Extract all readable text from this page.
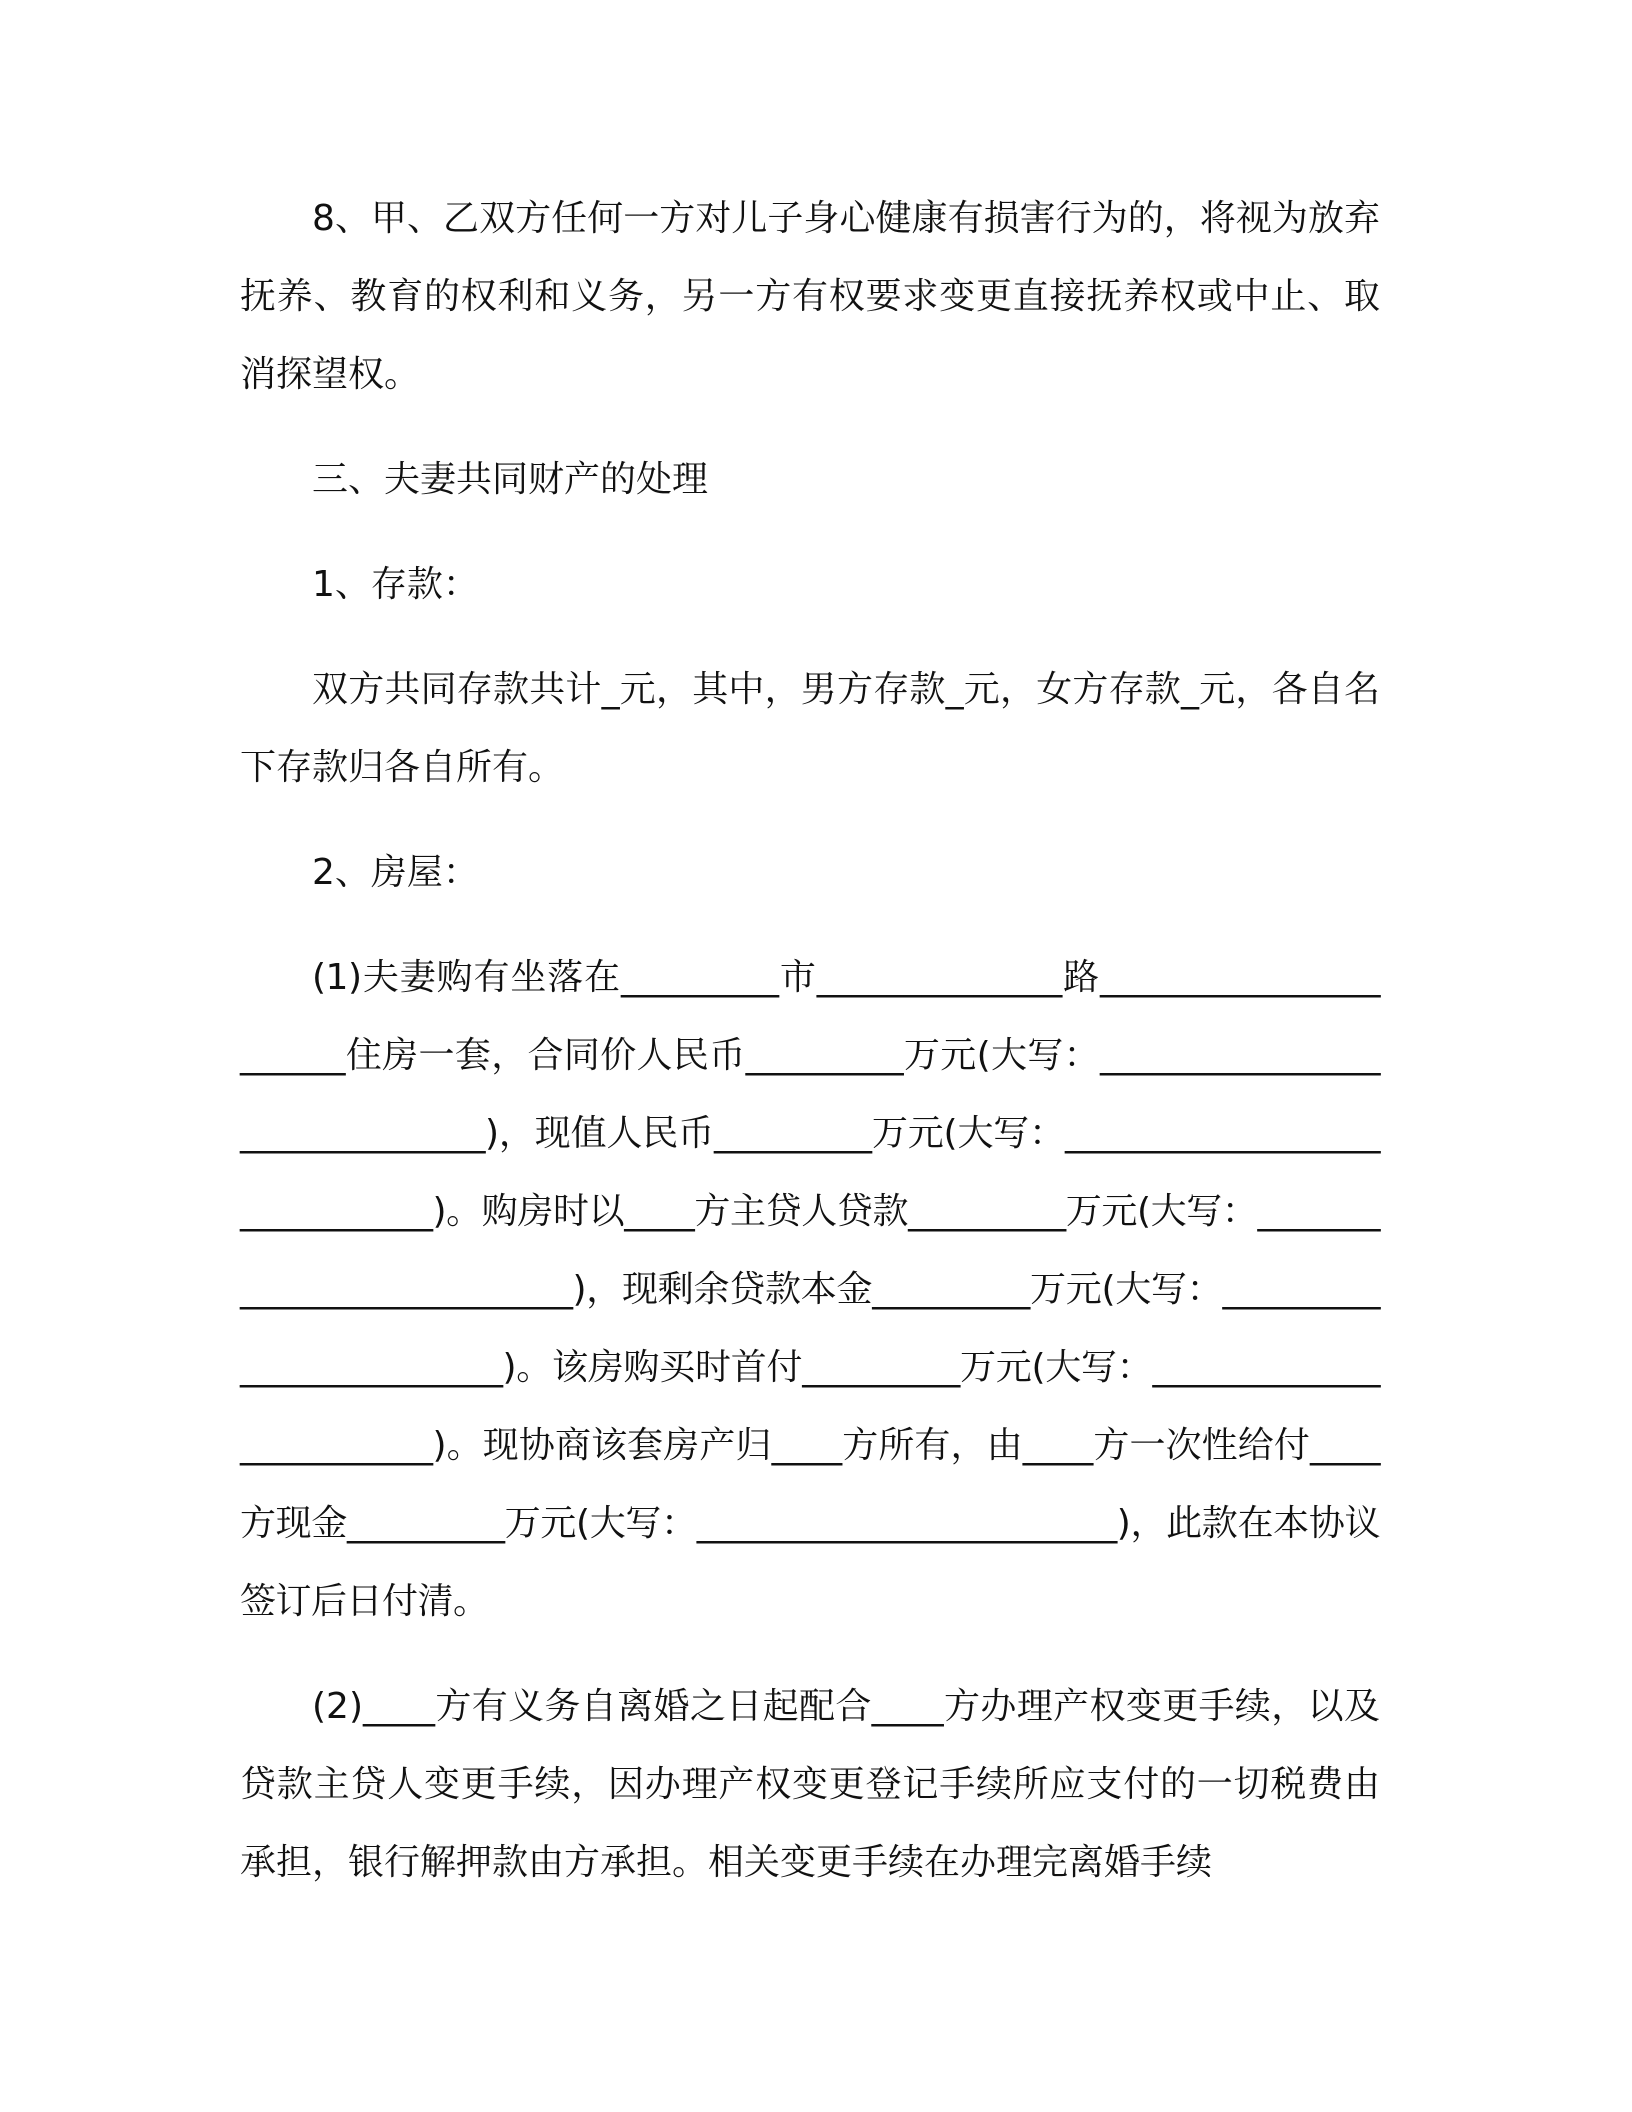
8、甲、乙双方任何一方对儿子身心健康有损害行为的，将视为放弃抚养、教育的权利和义务，另一方有权要求变更直接抚养权或中止、取消探望权。

三、夫妻共同财产的处理

1、存款：

双方共同存款共计_元，其中，男方存款_元，女方存款_元，各自名下存款归各自所有。

2、房屋：

(1)夫妻购有坐落在_________市______________路______________________住房一套，合同价人民币_________万元(大写：______________________________)，现值人民币_________万元(大写：_____________________________)。购房时以____方主贷人贷款_________万元(大写：__________________________)，现剩余贷款本金_________万元(大写：________________________)。该房购买时首付_________万元(大写：________________________)。现协商该套房产归____方所有，由____方一次性给付____方现金_________万元(大写：________________________)，此款在本协议签订后日付清。

(2)____方有义务自离婚之日起配合____方办理产权变更手续，以及贷款主贷人变更手续，因办理产权变更登记手续所应支付的一切税费由承担，银行解押款由方承担。相关变更手续在办理完离婚手续
